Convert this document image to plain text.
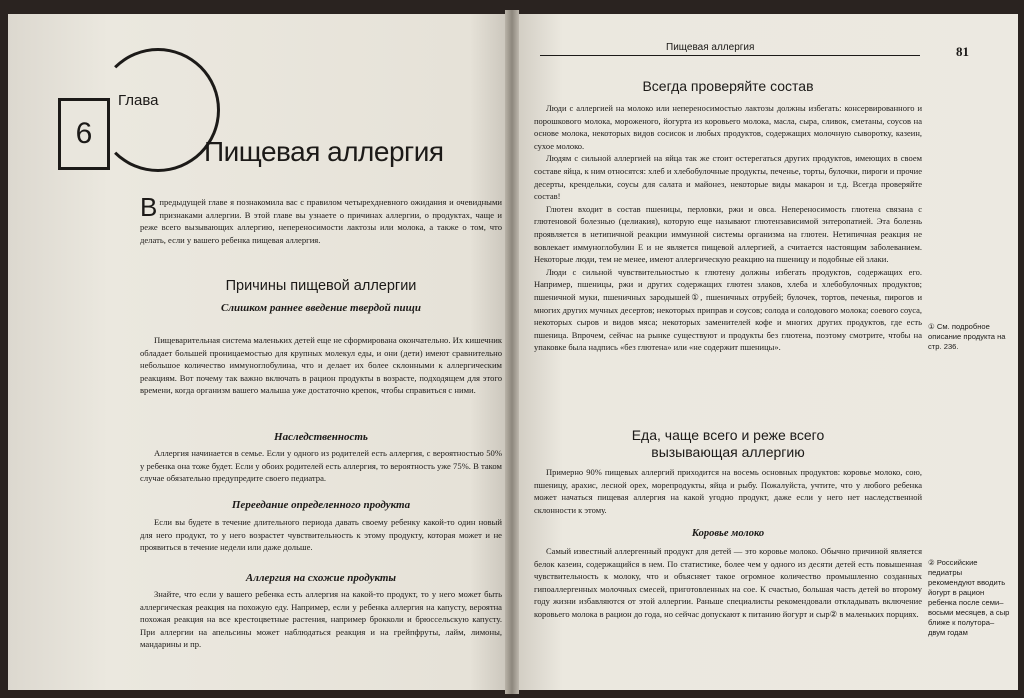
6
Глава
Пищевая аллергия
В предыдущей главе я познакомила вас с правилом четырехдневного ожидания и очевидными признаками аллергии. В этой главе вы узнаете о причинах аллергии, о продуктах, чаще и реже всего вызывающих аллергию, непереносимости лактозы или молока, а также о том, что делать, если у вашего ребенка пищевая аллергия.
Причины пищевой аллергии
Слишком раннее введение твердой пищи

Пищеварительная система маленьких детей еще не сформирована окончательно. Их кишечник обладает большей проницаемостью для крупных молекул еды, и они (дети) имеют сравнительно небольшое количество иммуноглобулина, что и делает их более склонными к аллергическим реакциям. Вот почему так важно включать в рацион продукты в возрасте, подходящем для этого времени, когда организм вашего малыша уже достаточно крепок, чтобы справиться с ними.

Наследственность

Аллергия начинается в семье. Если у одного из родителей есть аллергия, с вероятностью 50% у ребенка она тоже будет. Если у обоих родителей есть аллергия, то вероятность уже 75%. В таком случае обязательно предупредите своего педиатра.

Переедание определенного продукта

Если вы будете в течение длительного периода давать своему ребенку какой-то один новый для него продукт, то у него возрастет чувствительность к этому продукту, которая может и не проявиться в течение недели или даже дольше.

Аллергия на схожие продукты

Знайте, что если у вашего ребенка есть аллергия на какой-то продукт, то у него может быть аллергическая реакция на похожую еду. Например, если у ребенка аллергия на капусту, вероятна похожая реакция на все крестоцветные растения, например брокколи и брюссельскую капусту. При аллергии на апельсины может наблюдаться реакция и на грейпфруты, лайм, лимоны, мандарины и пр.

Пищевая аллергия	81
Всегда проверяйте состав

Люди с аллергией на молоко или непереносимостью лактозы должны избегать: консервированного и порошкового молока, мороженого, йогурта из коровьего молока, масла, сыра, сливок, сметаны, соусов на основе молока, некоторых видов сосисок и любых продуктов, содержащих молочную сыворотку, казеин, сухое молоко.

Людям с сильной аллергией на яйца так же стоит остерегаться других продуктов, имеющих в своем составе яйца, к ним относятся: хлеб и хлебобулочные продукты, печенье, торты, булочки, пироги и прочие десерты, крендельки, соусы для салата и майонез, некоторые виды макарон и т.д. Всегда проверяйте состав!

Глютен входит в состав пшеницы, перловки, ржи и овса. Непереносимость глютена связана с глютеновой болезнью (целиакия), которую еще называют глютензависимой энтеропатией. Эта болезнь проявляется в нетипичной реакции иммунной системы организма на глютен. Нетипичная реакция не вовлекает иммуноглобулин Е и не является пищевой аллергией, а считается настоящим заболеванием. Некоторые люди, тем не менее, имеют аллергическую реакцию на пшеницу и подобные ей злаки.

Люди с сильной чувствительностью к глютену должны избегать продуктов, содержащих его. Например, пшеницы, ржи и других содержащих глютен злаков, хлеба и хлебобулочных продуктов; пшеничной муки, пшеничных зародышей①, пшеничных отрубей; булочек, тортов, печенья, пирогов и многих других мучных десертов; некоторых приправ и соусов; солода и солодового молока; соевого соуса, некоторых сыров и видов мяса; некоторых заменителей кофе и многих других продуктов, где есть пшеница. Впрочем, сейчас на рынке существуют и продукты без глютена, поэтому смотрите, чтобы на упаковке была надпись «без глютена» или «не содержит пшеницы».

Еда, чаще всего и реже всего
вызывающая аллергию

Примерно 90% пищевых аллергий приходится на восемь основных продуктов: коровье молоко, сою, пшеницу, арахис, лесной орех, морепродукты, яйца и рыбу. Пожалуйста, учтите, что у любого ребенка может начаться пищевая аллергия на какой угодно продукт, даже если у него нет наследственной склонности к этому.

Коровье молоко

Самый известный аллергенный продукт для детей — это коровье молоко. Обычно причиной является белок казеин, содержащийся в нем. По статистике, более чем у одного из десяти детей есть повышенная чувствительность к молоку, что и объясняет такое огромное количество промышленно созданных гипоаллергенных молочных смесей, приготовленных на сое. К счастью, большая часть детей во второму году жизни избавляются от этой аллергии. Раньше специалисты рекомендовали откладывать включение коровьего молока в рацион до года, но сейчас допускают к питанию йогурт и сыр② в маленьких порциях.

① См. подробное описание продукта на стр. 236.
② Российские педиатры рекомендуют вводить йогурт в рацион ребенка после семи–восьми месяцев, а сыр ближе к полутора–двум годам
